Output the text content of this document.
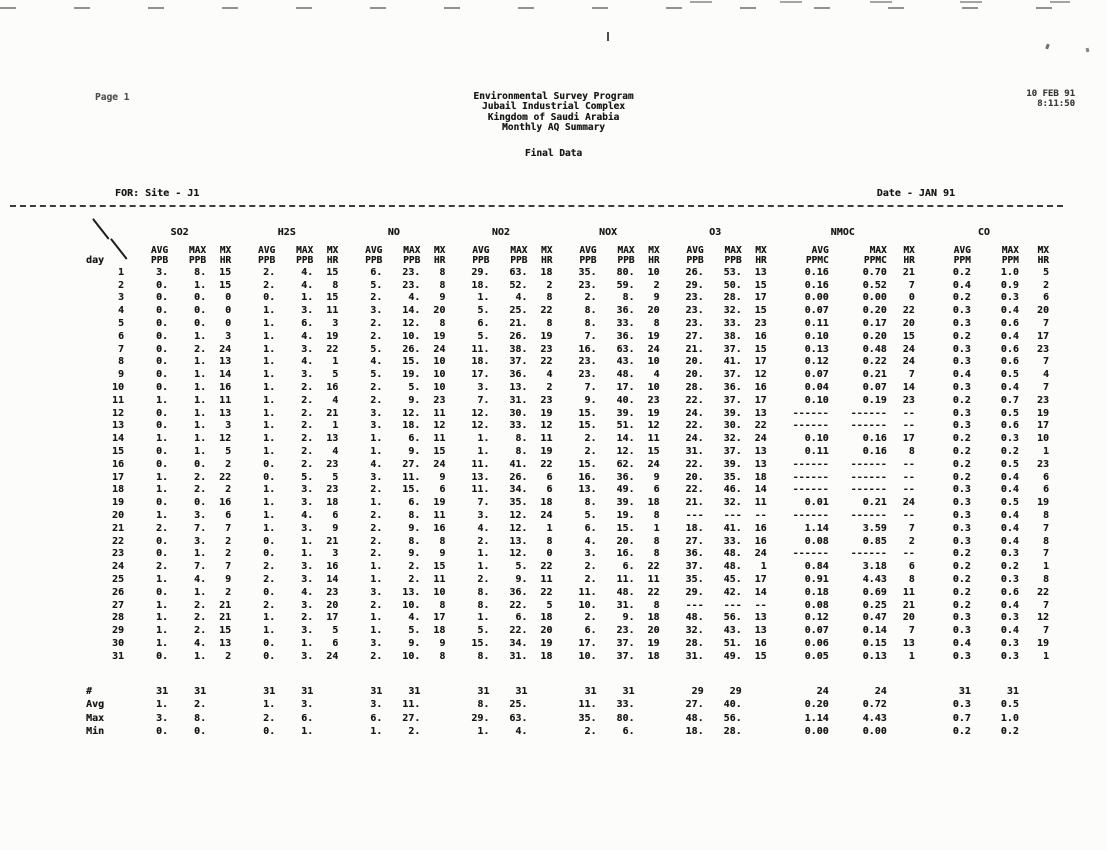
Page 1	Environmental Survey Program
Jubail Industrial Complex
Kingdom of Saudi Arabia
Monthly AQ Summary
Final Data
10 FEB 91
8:11:50
FOR: Site - J1	Date - JAN 91
day	SO2			H2S			NO			NO2			NOX			O3			NMOC			CO		
	AVG	MAX	MX	AVG	MAX	MX	AVG	MAX	MX	AVG	MAX	MX	AVG	MAX	MX	AVG	MAX	MX	AVG	MAX	MX	AVG	MAX	MX
	PPB	PPB	HR	PPB	PPB	HR	PPB	PPB	HR	PPB	PPB	HR	PPB	PPB	HR	PPB	PPB	HR	PPMC	PPMC	HR	PPM	PPM	HR
1	3.	8.	15	2.	4.	15	6.	23.	8	29.	63.	18	35.	80.	10	26.	53.	13	0.16	0.70	21	0.2	1.0	5
2	0.	1.	15	2.	4.	8	5.	23.	8	18.	52.	2	23.	59.	2	29.	50.	15	0.16	0.52	7	0.4	0.9	2
3	0.	0.	0	0.	1.	15	2.	4.	9	1.	4.	8	2.	8.	9	23.	28.	17	0.00	0.00	0	0.2	0.3	6
4	0.	0.	0	1.	3.	11	3.	14.	20	5.	25.	22	8.	36.	20	23.	32.	15	0.07	0.20	22	0.3	0.4	20
5	0.	0.	0	1.	6.	3	2.	12.	8	6.	21.	8	8.	33.	8	23.	33.	23	0.11	0.17	20	0.3	0.6	7
6	0.	1.	3	1.	4.	19	2.	10.	19	5.	26.	19	7.	36.	19	27.	38.	16	0.10	0.20	15	0.2	0.4	17
7	0.	2.	24	1.	3.	22	5.	26.	24	11.	38.	23	16.	63.	24	21.	37.	15	0.13	0.48	24	0.3	0.6	23
8	0.	1.	13	1.	4.	1	4.	15.	10	18.	37.	22	23.	43.	10	20.	41.	17	0.12	0.22	24	0.3	0.6	7
9	0.	1.	14	1.	3.	5	5.	19.	10	17.	36.	4	23.	48.	4	20.	37.	12	0.07	0.21	7	0.4	0.5	4
10	0.	1.	16	1.	2.	16	2.	5.	10	3.	13.	2	7.	17.	10	28.	36.	16	0.04	0.07	14	0.3	0.4	7
11	1.	1.	11	1.	2.	4	2.	9.	23	7.	31.	23	9.	40.	23	22.	37.	17	0.10	0.19	23	0.2	0.7	23
12	0.	1.	13	1.	2.	21	3.	12.	11	12.	30.	19	15.	39.	19	24.	39.	13	------	------	--	0.3	0.5	19
13	0.	1.	3	1.	2.	1	3.	18.	12	12.	33.	12	15.	51.	12	22.	30.	22	------	------	--	0.3	0.6	17
14	1.	1.	12	1.	2.	13	1.	6.	11	1.	8.	11	2.	14.	11	24.	32.	24	0.10	0.16	17	0.2	0.3	10
15	0.	1.	5	1.	2.	4	1.	9.	15	1.	8.	19	2.	12.	15	31.	37.	13	0.11	0.16	8	0.2	0.2	1
16	0.	0.	2	0.	2.	23	4.	27.	24	11.	41.	22	15.	62.	24	22.	39.	13	------	------	--	0.2	0.5	23
17	1.	2.	22	0.	5.	5	3.	11.	9	13.	26.	6	16.	36.	9	20.	35.	18	------	------	--	0.2	0.4	6
18	1.	2.	2	1.	3.	23	2.	15.	6	11.	34.	6	13.	49.	6	22.	46.	14	------	------	--	0.3	0.4	6
19	0.	0.	16	1.	3.	18	1.	6.	19	7.	35.	18	8.	39.	18	21.	32.	11	0.01	0.21	24	0.3	0.5	19
20	1.	3.	6	1.	4.	6	2.	8.	11	3.	12.	24	5.	19.	8	---	---	--	------	------	--	0.3	0.4	8
21	2.	7.	7	1.	3.	9	2.	9.	16	4.	12.	1	6.	15.	1	18.	41.	16	1.14	3.59	7	0.3	0.4	7
22	0.	3.	2	0.	1.	21	2.	8.	8	2.	13.	8	4.	20.	8	27.	33.	16	0.08	0.85	2	0.3	0.4	8
23	0.	1.	2	0.	1.	3	2.	9.	9	1.	12.	0	3.	16.	8	36.	48.	24	------	------	--	0.2	0.3	7
24	2.	7.	7	2.	3.	16	1.	2.	15	1.	5.	22	2.	6.	22	37.	48.	1	0.84	3.18	6	0.2	0.2	1
25	1.	4.	9	2.	3.	14	1.	2.	11	2.	9.	11	2.	11.	11	35.	45.	17	0.91	4.43	8	0.2	0.3	8
26	0.	1.	2	0.	4.	23	3.	13.	10	8.	36.	22	11.	48.	22	29.	42.	14	0.18	0.69	11	0.2	0.6	22
27	1.	2.	21	2.	3.	20	2.	10.	8	8.	22.	5	10.	31.	8	---	---	--	0.08	0.25	21	0.2	0.4	7
28	1.	2.	21	1.	2.	17	1.	4.	17	1.	6.	18	2.	9.	18	48.	56.	13	0.12	0.47	20	0.3	0.3	12
29	1.	2.	15	1.	3.	5	1.	5.	18	5.	22.	20	6.	23.	20	32.	43.	13	0.07	0.14	7	0.3	0.4	7
30	1.	4.	13	0.	1.	6	3.	9.	9	15.	34.	19	17.	37.	19	28.	51.	16	0.06	0.15	13	0.4	0.3	19
31	0.	1.	2	0.	3.	24	2.	10.	8	8.	31.	18	10.	37.	18	31.	49.	15	0.05	0.13	1	0.3	0.3	1

#	31	31		31	31		31	31		31	31		31	31		29	29		24	24		31	31	
Avg	1.	2.		1.	3.		3.	11.		8.	25.		11.	33.		27.	40.		0.20	0.72		0.3	0.5	
Max	3.	8.		2.	6.		6.	27.		29.	63.		35.	80.		48.	56.		1.14	4.43		0.7	1.0	
Min	0.	0.		0.	1.		1.	2.		1.	4.		2.	6.		18.	28.		0.00	0.00		0.2	0.2	
